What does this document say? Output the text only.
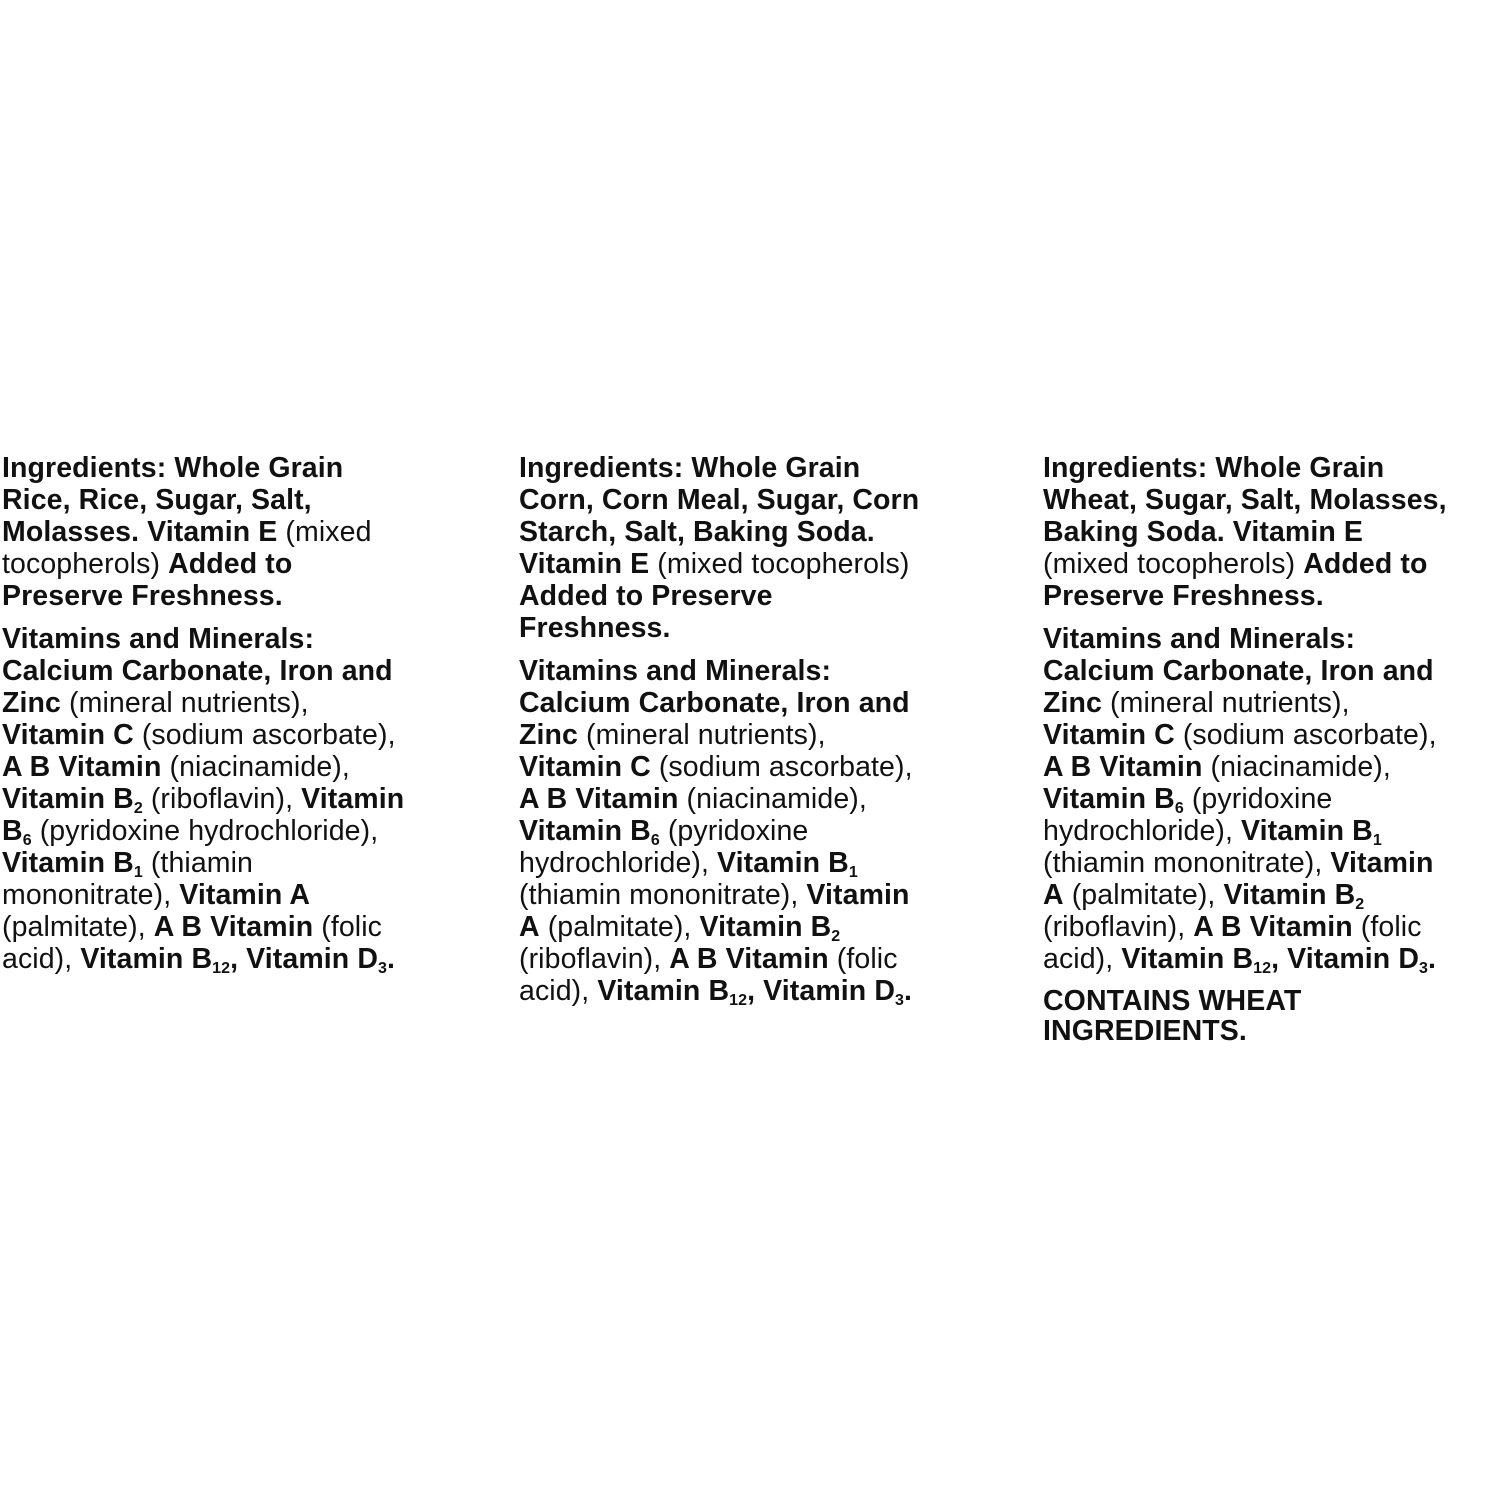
Ingredients: Whole Grain
Rice, Rice, Sugar, Salt,
Molasses. Vitamin E (mixed
tocopherols) Added to
Preserve Freshness.
Vitamins and Minerals:
Calcium Carbonate, Iron and
Zinc (mineral nutrients),
Vitamin C (sodium ascorbate),
A B Vitamin (niacinamide),
Vitamin $B_2$ (riboflavin), Vitamin
$B_6$ (pyridoxine hydrochloride),
Vitamin $B_1$ (thiamin
mononitrate), Vitamin A
(palmitate), A B Vitamin (folic
acid), Vitamin $B_{12}$, Vitamin $D_3$.
Ingredients: Whole Grain
Corn, Corn Meal, Sugar, Corn
Starch, Salt, Baking Soda.
Vitamin E (mixed tocopherols)
Added to Preserve
Freshness.
Vitamins and Minerals:
Calcium Carbonate, Iron and
Zinc (mineral nutrients),
Vitamin C (sodium ascorbate),
A B Vitamin (niacinamide),
Vitamin $B_6$ (pyridoxine
hydrochloride), Vitamin $B_1$
(thiamin mononitrate), Vitamin
A (palmitate), Vitamin $B_2$
(riboflavin), A B Vitamin (folic
acid), Vitamin $B_{12}$, Vitamin $D_3$.
Ingredients: Whole Grain
Wheat, Sugar, Salt, Molasses,
Baking Soda. Vitamin E
(mixed tocopherols) Added to
Preserve Freshness.
Vitamins and Minerals:
Calcium Carbonate, Iron and
Zinc (mineral nutrients),
Vitamin C (sodium ascorbate),
A B Vitamin (niacinamide),
Vitamin $B_6$ (pyridoxine
hydrochloride), Vitamin $B_1$
(thiamin mononitrate), Vitamin
A (palmitate), Vitamin $B_2$
(riboflavin), A B Vitamin (folic
acid), Vitamin $B_{12}$, Vitamin $D_3$.
CONTAINS WHEAT
INGREDIENTS.
